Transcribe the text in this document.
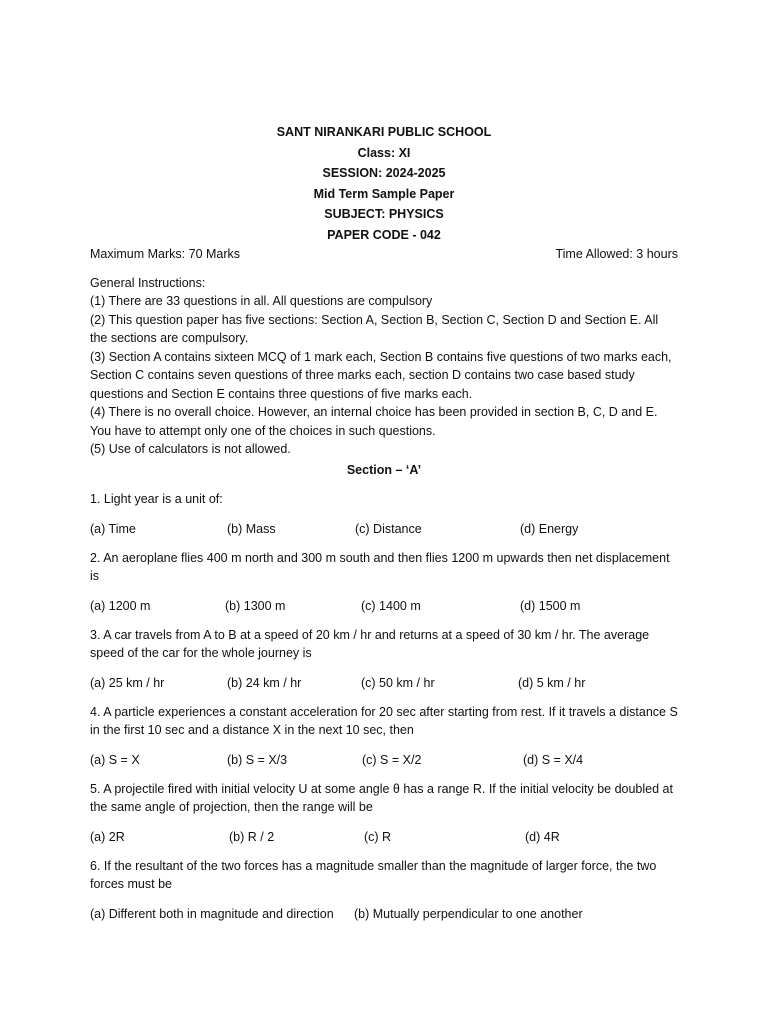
SANT NIRANKARI PUBLIC SCHOOL
Class: XI
SESSION: 2024-2025
Mid Term Sample Paper
SUBJECT: PHYSICS
PAPER CODE - 042
Maximum Marks: 70 Marks	Time Allowed: 3 hours

General Instructions:

(1) There are 33 questions in all. All questions are compulsory

(2) This question paper has five sections: Section A, Section B, Section C, Section D and Section E. All the sections are compulsory.

(3) Section A contains sixteen MCQ of 1 mark each, Section B contains five questions of two marks each, Section C contains seven questions of three marks each, section D contains two case based study questions and Section E contains three questions of five marks each.

(4) There is no overall choice. However, an internal choice has been provided in section B, C, D and E. You have to attempt only one of the choices in such questions.

(5) Use of calculators is not allowed.

Section – ‘A’

1. Light year is a unit of:

(a) Time	(b) Mass	(c) Distance	(d) Energy

2. An aeroplane flies 400 m north and 300 m south and then flies 1200 m upwards then net displacement is

(a) 1200 m	(b) 1300 m	(c) 1400 m	(d) 1500 m

3. A car travels from A to B at a speed of 20 km / hr and returns at a speed of 30 km / hr. The average speed of the car for the whole journey is

(a) 25 km / hr	(b) 24 km / hr	(c) 50 km / hr	(d) 5 km / hr

4. A particle experiences a constant acceleration for 20 sec after starting from rest. If it travels a distance S in the first 10 sec and a distance X in the next 10 sec, then

(a) S = X	(b) S = X/3	(c) S = X/2	(d) S = X/4

5. A projectile fired with initial velocity U at some angle θ has a range R. If the initial velocity be doubled at the same angle of projection, then the range will be

(a) 2R	(b) R / 2	(c) R	(d) 4R

6. If the resultant of the two forces has a magnitude smaller than the magnitude of larger force, the two forces must be

(a) Different both in magnitude and direction (b) Mutually perpendicular to one another
